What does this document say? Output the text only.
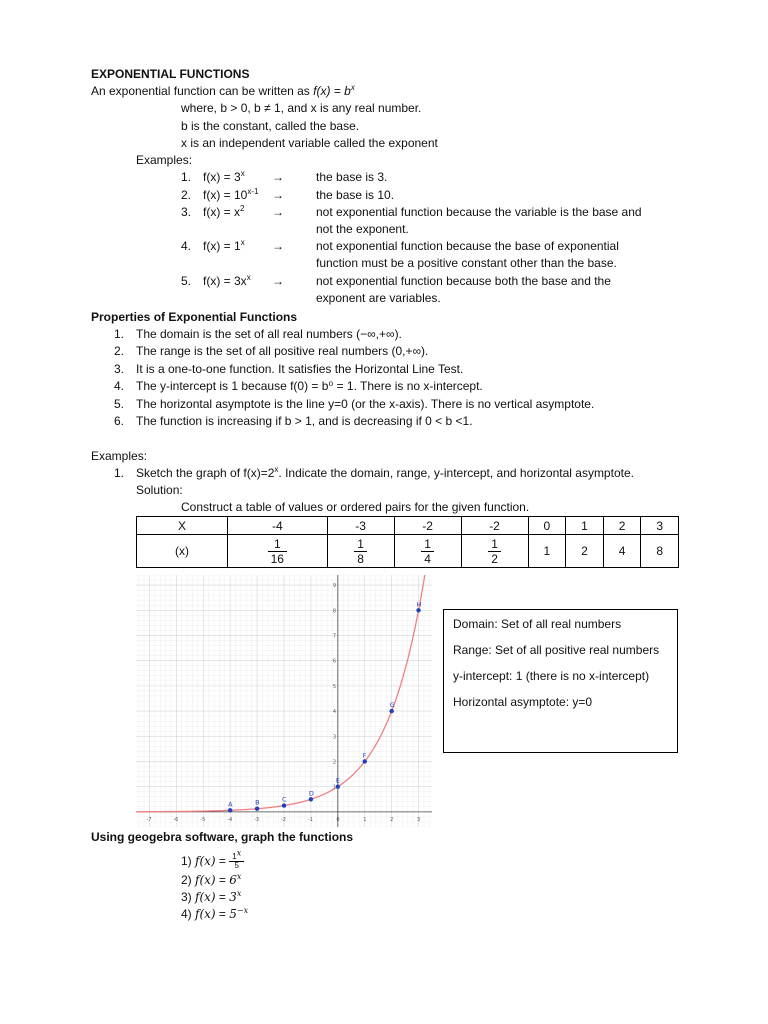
EXPONENTIAL FUNCTIONS
An exponential function can be written as $f(x) = b^x$
where, b > 0, b ≠ 1, and x is any real number.
b is the constant, called the base.
x is an independent variable called the exponent
Examples:
1. $f(x) = 3^x$ →	the base is 3.
2. $f(x) = 10^{x-1}$ →	the base is 10.
3. $f(x) = x^2$ →	not exponential function because the variable is the base and
not the exponent.
4. $f(x) = 1^x$ →	not exponential function because the base of exponential
function must be a positive constant other than the base.
5. $f(x) = 3x^x$ →	not exponential function because both the base and the
exponent are variables.
Properties of Exponential Functions
1. The domain is the set of all real numbers (−∞,+∞).
2. The range is the set of all positive real numbers (0,+∞).
3. It is a one-to-one function. It satisfies the Horizontal Line Test.
4. The y-intercept is 1 because f(0) = b⁰ = 1. There is no x-intercept.
5. The horizontal asymptote is the line y=0 (or the x-axis). There is no vertical asymptote.
6. The function is increasing if b > 1, and is decreasing if 0 < b <1.
Examples:
1. Sketch the graph of $f(x)=2^x$. Indicate the domain, range, y-intercept, and horizontal asymptote.
Solution:
Construct a table of values or ordered pairs for the given function.
X	-4	-3	-2	-2	0	1	2	3
(x)	$\frac{1}{16}$	$\frac{1}{8}$	$\frac{1}{4}$	$\frac{1}{2}$	1	2	4	8
-7	-6	-5	-4	-3	-2	-1	0	1	2	3
1
2
3
4
5
6
7
8
9
A	B	C
D
E
F
G
H

Domain: Set of all real numbers

Range: Set of all positive real numbers

y-intercept: 1 (there is no x-intercept)

Horizontal asymptote: y=0

Using geogebra software, graph the functions
1) $f(x) = \frac{1^x}{5}$
2) $f(x) = 6^x$
3) $f(x) = 3^x$
4) $f(x) = 5^{-x}$
